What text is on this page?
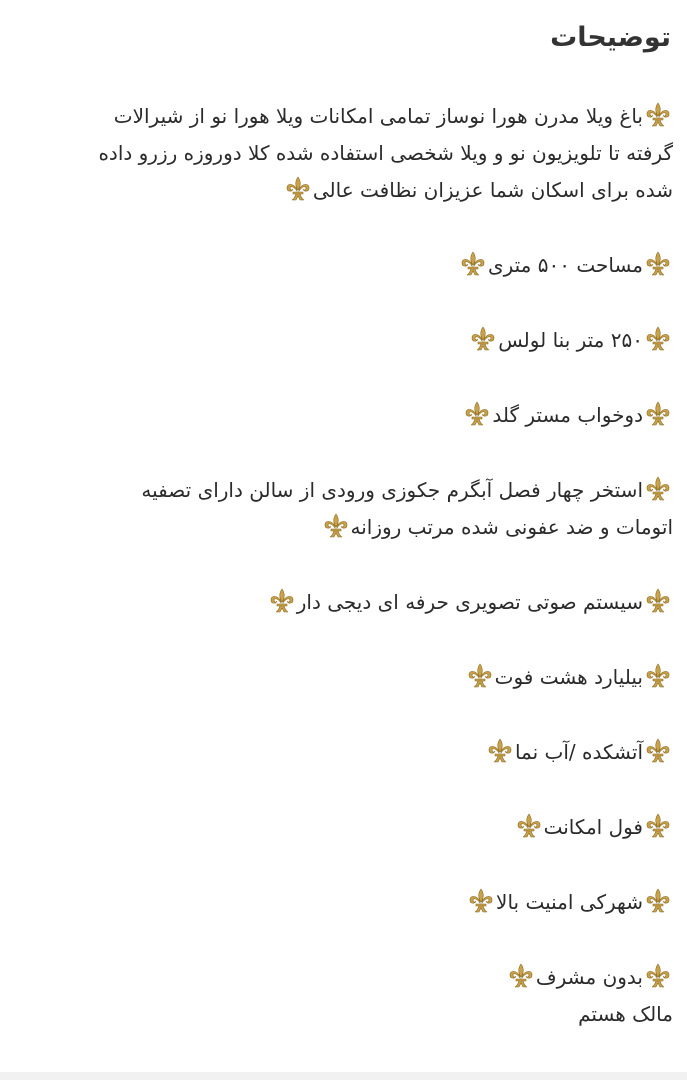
توضیحات
باغ ویلا مدرن هورا نوساز تمامی امکانات ویلا هورا نو از شیرالات
گرفته تا تلویزیون نو و ویلا شخصی استفاده شده کلا دوروزه رزرو داده
شده برای اسکان شما عزیزان نظافت عالی
مساحت ۵۰۰ متری
۲۵۰ متر بنا لولس
دوخواب مستر گلد
استخر چهار فصل آبگرم جکوزی ورودی از سالن دارای تصفیه
اتومات و ضد عفونی شده مرتب روزانه
سیستم صوتی تصویری حرفه ای دیجی دار
بیلیارد هشت فوت
آتشکده /آب نما
فول امکانت
شهرکی امنیت بالا
بدون مشرف
مالک هستم
